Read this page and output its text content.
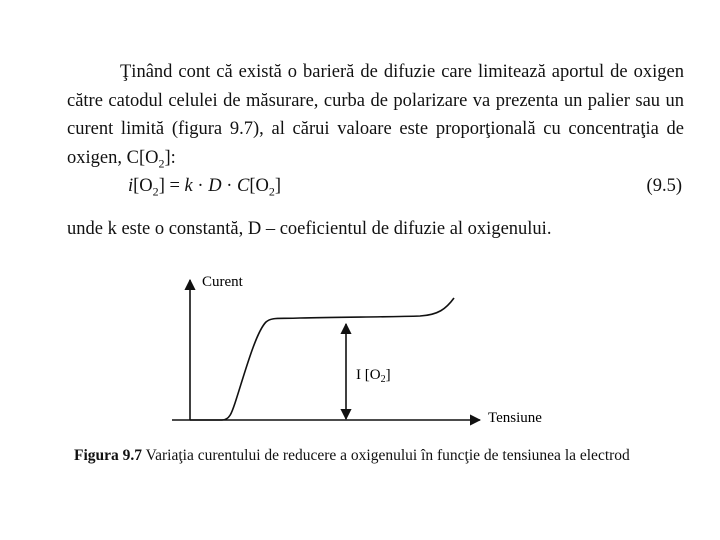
Ţinând cont că există o barieră de difuzie care limitează aportul de oxigen către catodul celulei de măsurare, curba de polarizare va prezenta un palier sau un curent limită (figura 9.7), al cărui valoare este proporţională cu concentraţia de oxigen, $C[O_2]$:
$i[O_2] = k \cdot D \cdot C[O_2]$	(9.5)
unde k este o constantă, D – coeficientul de difuzie al oxigenului.
Curent
Tensiune
I $[O_2]$
Figura 9.7 Variaţia curentului de reducere a oxigenului în funcţie de tensiunea la electrod
